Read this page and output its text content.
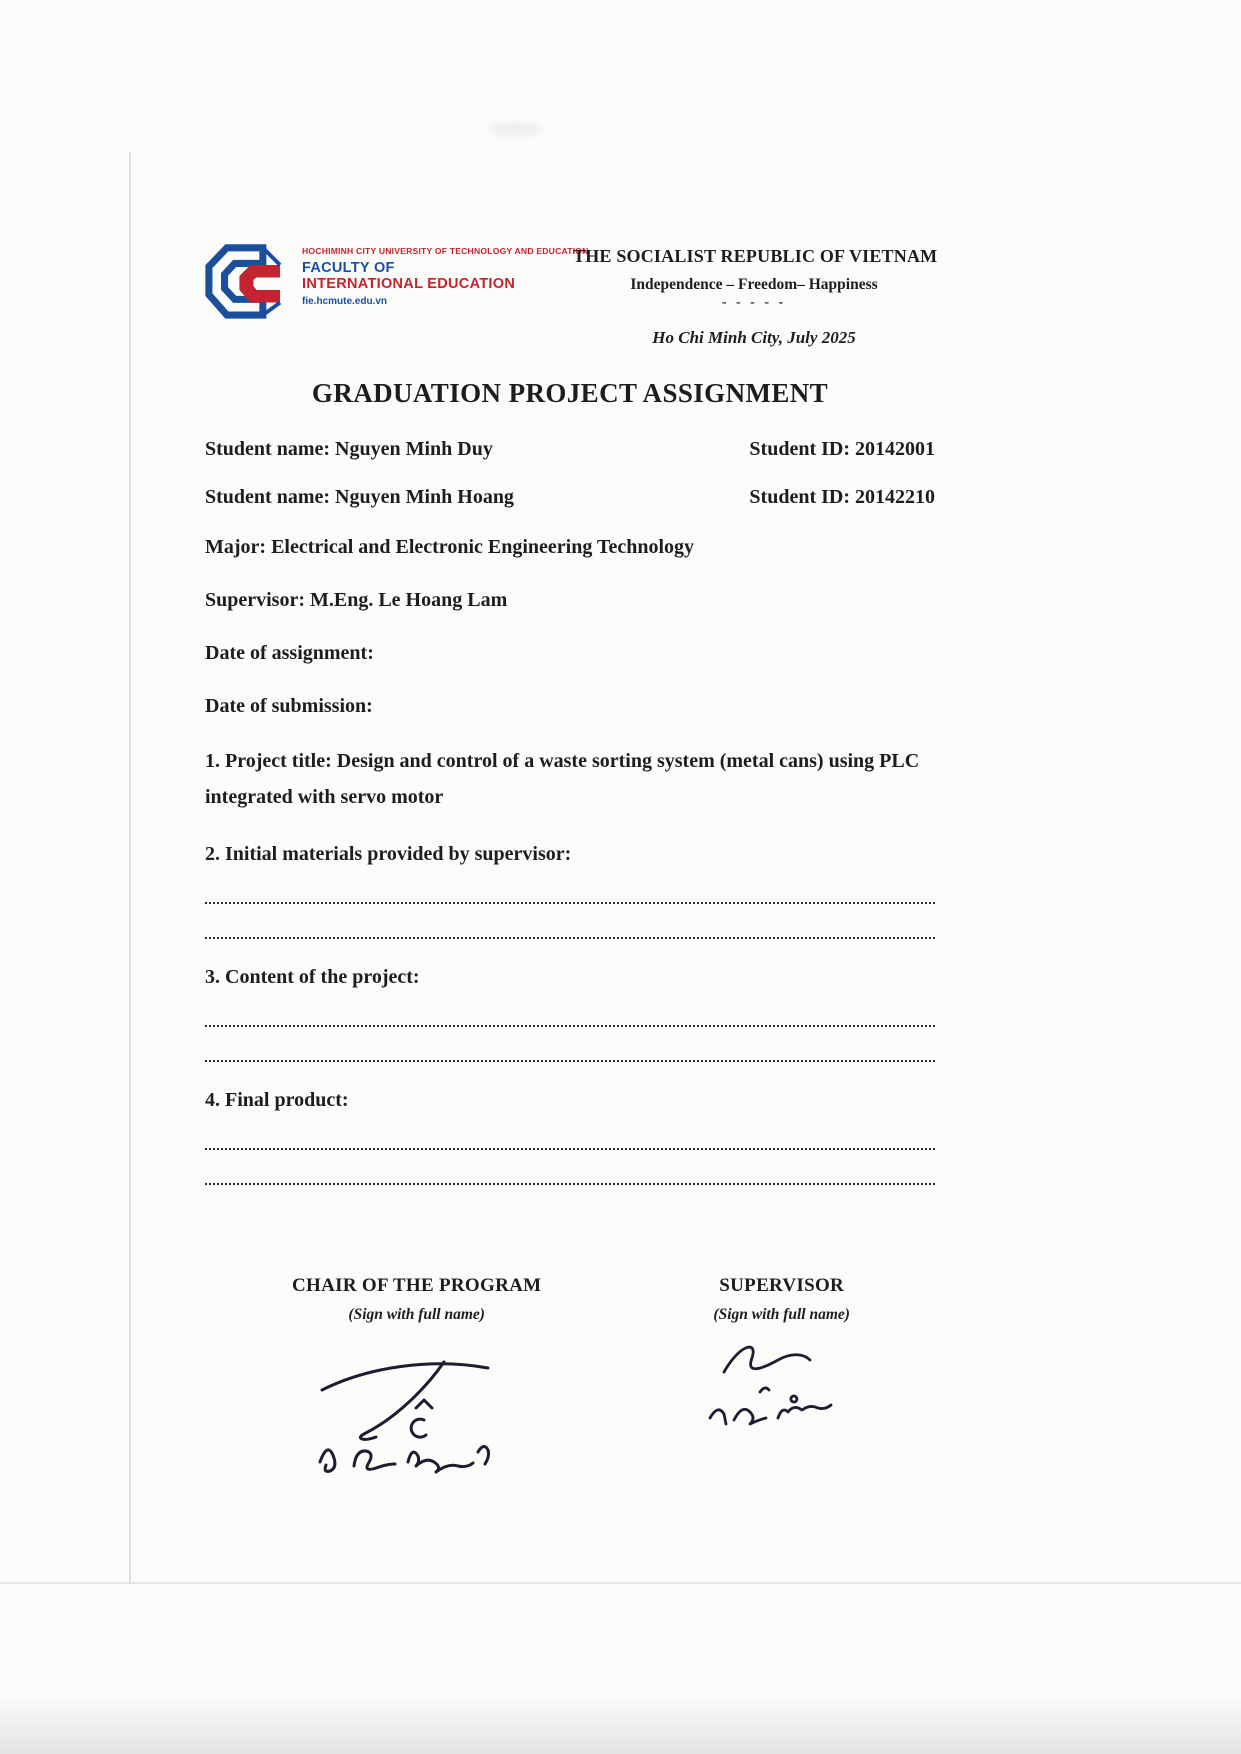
HOCHIMINH CITY UNIVERSITY OF TECHNOLOGY AND EDUCATION
FACULTY OF
INTERNATIONAL EDUCATION
fie.hcmute.edu.vn
THE SOCIALIST REPUBLIC OF VIETNAM
Independence – Freedom– Happiness
- - - - -
Ho Chi Minh City, July 2025
GRADUATION PROJECT ASSIGNMENT
Student name: Nguyen Minh Duy	Student ID: 20142001
Student name: Nguyen Minh Hoang	Student ID: 20142210

Major: Electrical and Electronic Engineering Technology

Supervisor: M.Eng. Le Hoang Lam

Date of assignment:

Date of submission:

1. Project title: Design and control of a waste sorting system (metal cans) using PLC integrated with servo motor

2. Initial materials provided by supervisor:

3. Content of the project:

4. Final product:

CHAIR OF THE PROGRAM
(Sign with full name)
SUPERVISOR
(Sign with full name)
